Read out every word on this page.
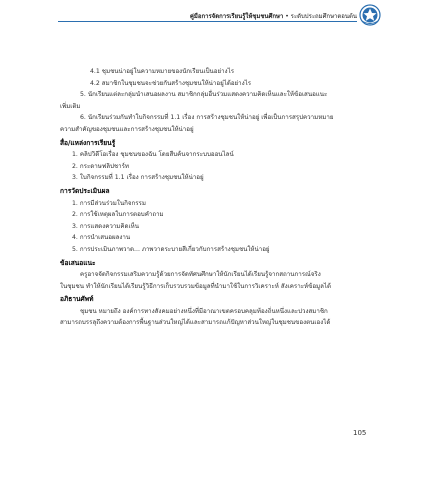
คู่มือการจัดการเรียนรู้ให้ชุมชนศึกษา • ระดับประถมศึกษาตอนต้น
4.1 ชุมชนน่าอยู่ในความหมายของนักเรียนเป็นอย่างไร
4.2 สมาชิกในชุมชนจะช่วยกันสร้างชุมชนให้น่าอยู่ได้อย่างไร
5. นักเรียนแต่ละกลุ่มนำเสนอผลงาน สมาชิกกลุ่มอื่นร่วมแสดงความคิดเห็นและให้ข้อเสนอแนะ
เพิ่มเติม
6. นักเรียนร่วมกันทำใบกิจกรรมที่ 1.1 เรื่อง การสร้างชุมชนให้น่าอยู่ เพื่อเป็นการสรุปความหมาย
ความสำคัญของชุมชนและการสร้างชุมชนให้น่าอยู่
สื่อ/แหล่งการเรียนรู้
1. คลิปวิดีโอเรื่อง ชุมชนของฉัน โดยสืบค้นจากระบบออนไลน์
2. กระดาษฟลิปชาร์ท
3. ใบกิจกรรมที่ 1.1 เรื่อง การสร้างชุมชนให้น่าอยู่
การวัดประเมินผล
1. การมีส่วนร่วมในกิจกรรม
2. การใช้เหตุผลในการตอบคำถาม
3. การแสดงความคิดเห็น
4. การนำเสนอผลงาน
5. การประเมินภาพวาด... ภาพวาดระบายสีเกี่ยวกับการสร้างชุมชนให้น่าอยู่
ข้อเสนอแนะ
ครูอาจจัดกิจกรรมเสริมความรู้ด้วยการจัดทัศนศึกษาให้นักเรียนได้เรียนรู้จากสถานการณ์จริง
ในชุมชน ทำให้นักเรียนได้เรียนรู้วิธีการเก็บรวบรวมข้อมูลที่นำมาใช้ในการวิเคราะห์ สังเคราะห์ข้อมูลได้
อภิธานศัพท์
ชุมชน หมายถึง องค์การทางสังคมอย่างหนึ่งที่มีอาณาเขตครอบคลุมท้องถิ่นหนึ่งและปวงสมาชิก
สามารถบรรลุถึงความต้องการพื้นฐานส่วนใหญ่ได้และสามารถแก้ปัญหาส่วนใหญ่ในชุมชนของตนเองได้
105
